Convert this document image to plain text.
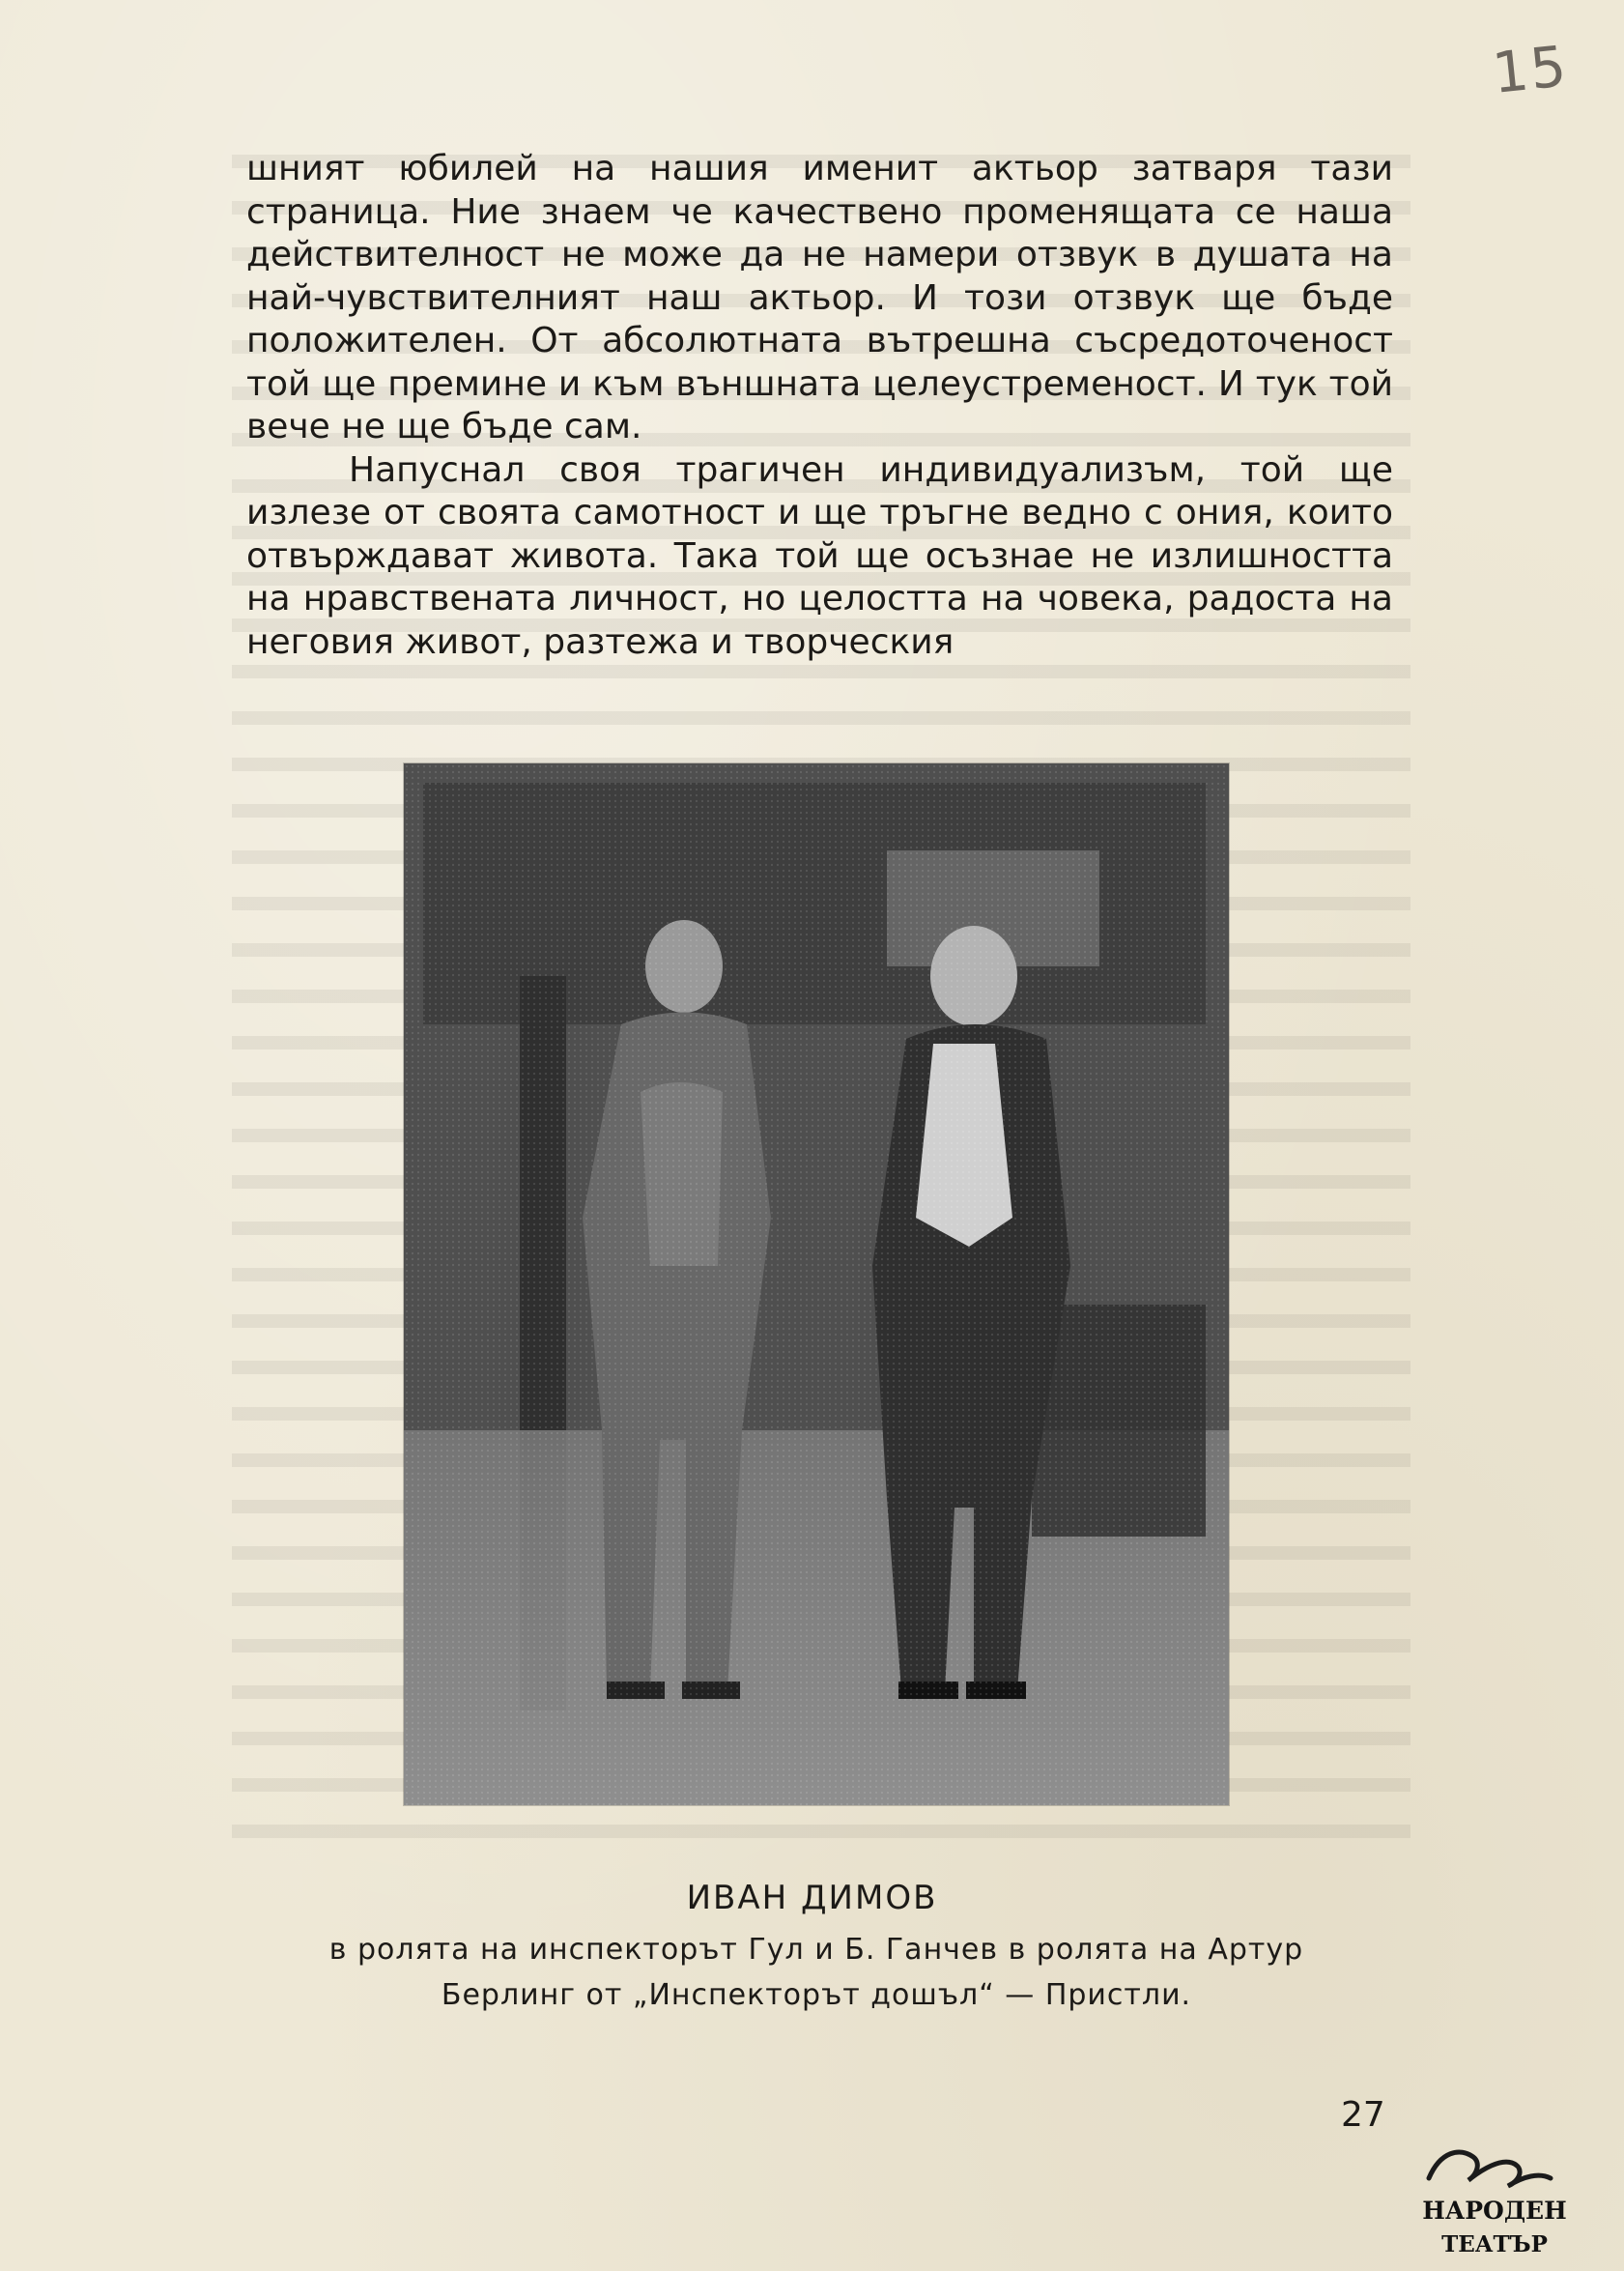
15

шният юбилей на нашия именит актьор затваря тази страница. Ние знаем че качествено променящата се наша действителност не може да не намери отзвук в душата на най-чувствителният наш актьор. И този отзвук ще бъде положителен. От абсолютната вътрешна съсредоточеност той ще премине и към външната целеустременост. И тук той вече не ще бъде сам.

Напуснал своя трагичен индивидуализъм, той ще излезе от своята самотност и ще тръгне ведно с ония, които отвърждават живота. Така той ще осъзнае не излишността на нравствената личност, но целостта на човека, радоста на неговия живот, разтежа и творческия

ИВАН ДИМОВ
в ролята на инспекторът Гул и Б. Ганчев в ролята на Артур
Берлинг от „Инспекторът дошъл“ — Пристли.
27
НАРОДЕН
ТЕАТЪР
